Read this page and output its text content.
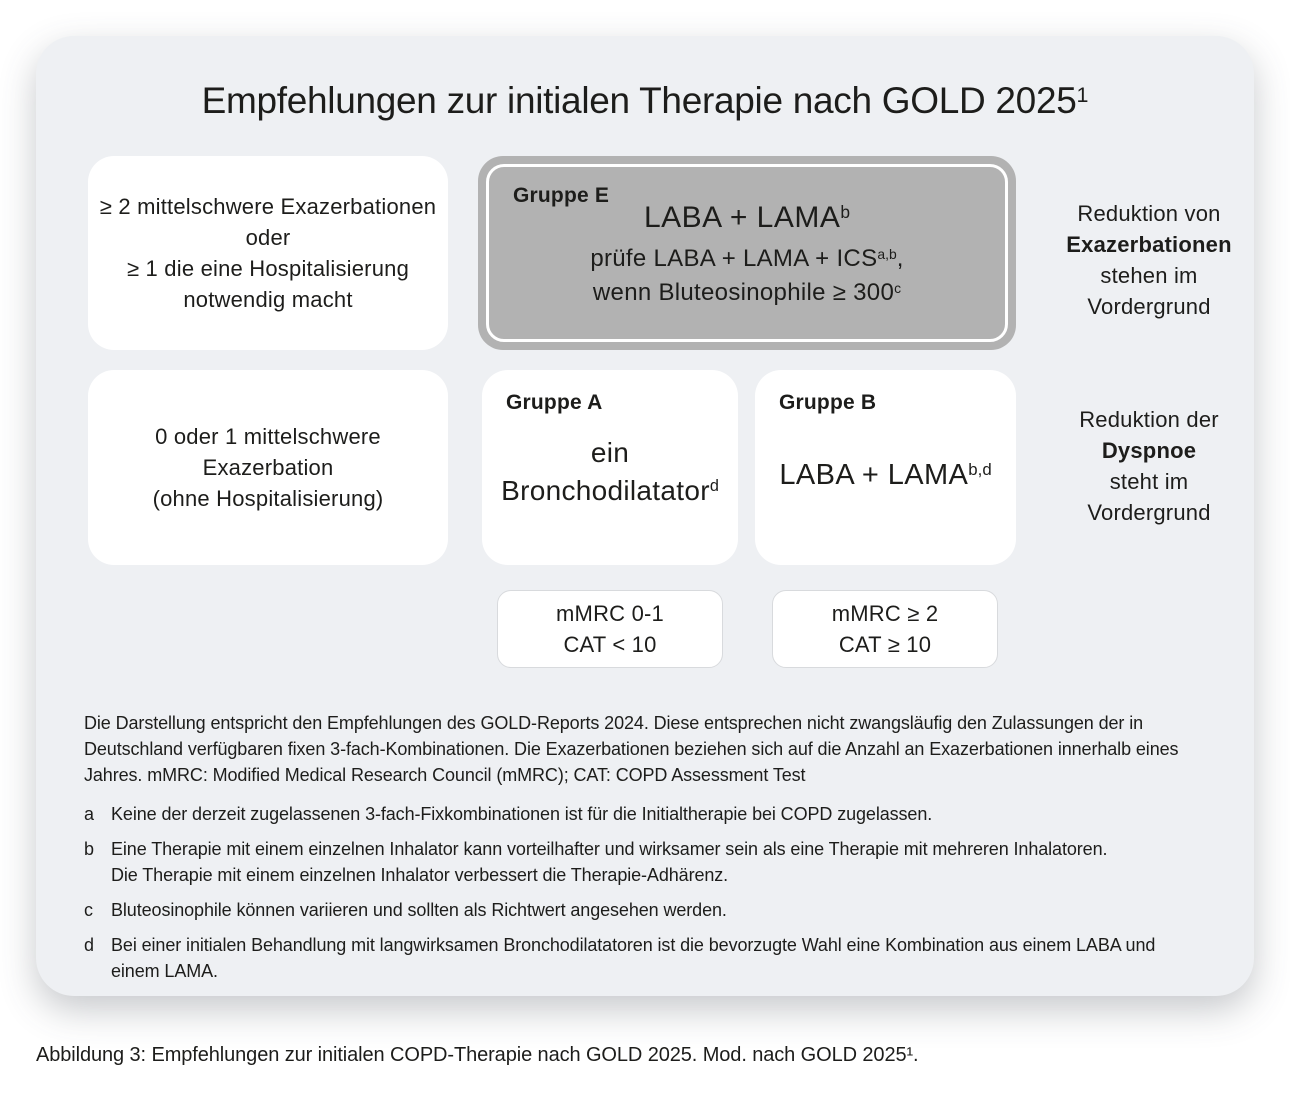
Empfehlungen zur initialen Therapie nach GOLD $2025^1$
≥ 2 mittelschwere Exazerbationen
oder
≥ 1 die eine Hospitalisierung
notwendig macht
Gruppe E
LABA + $LAMA^b$
prüfe LABA + LAMA + ICS$^{a,b}$,
wenn Bluteosinophile ≥ $300^c$
Reduktion von
Exazerbationen
stehen im
Vordergrund
0 oder 1 mittelschwere Exazerbation
(ohne Hospitalisierung)
Gruppe A
ein
Bronchodilatator$^d$
Gruppe B
LABA + LAMA$^{b,d}$
Reduktion der
Dyspnoe
steht im
Vordergrund
mMRC 0-1
CAT < 10
mMRC ≥ 2
CAT ≥ 10
Die Darstellung entspricht den Empfehlungen des GOLD-Reports 2024. Diese entsprechen nicht zwangsläufig den Zulassungen der in
Deutschland verfügbaren fixen 3-fach-Kombinationen. Die Exazerbationen beziehen sich auf die Anzahl an Exazerbationen innerhalb eines
Jahres. mMRC: Modified Medical Research Council (mMRC); CAT: COPD Assessment Test
a Keine der derzeit zugelassenen 3-fach-Fixkombinationen ist für die Initialtherapie bei COPD zugelassen.
b Eine Therapie mit einem einzelnen Inhalator kann vorteilhafter und wirksamer sein als eine Therapie mit mehreren Inhalatoren.
Die Therapie mit einem einzelnen Inhalator verbessert die Therapie-Adhärenz.
c	Bluteosinophile können variieren und sollten als Richtwert angesehen werden.
d Bei einer initialen Behandlung mit langwirksamen Bronchodilatatoren ist die bevorzugte Wahl eine Kombination aus einem LABA und
einem LAMA.
Abbildung 3: Empfehlungen zur initialen COPD-Therapie nach GOLD 2025. Mod. nach GOLD 2025¹.
